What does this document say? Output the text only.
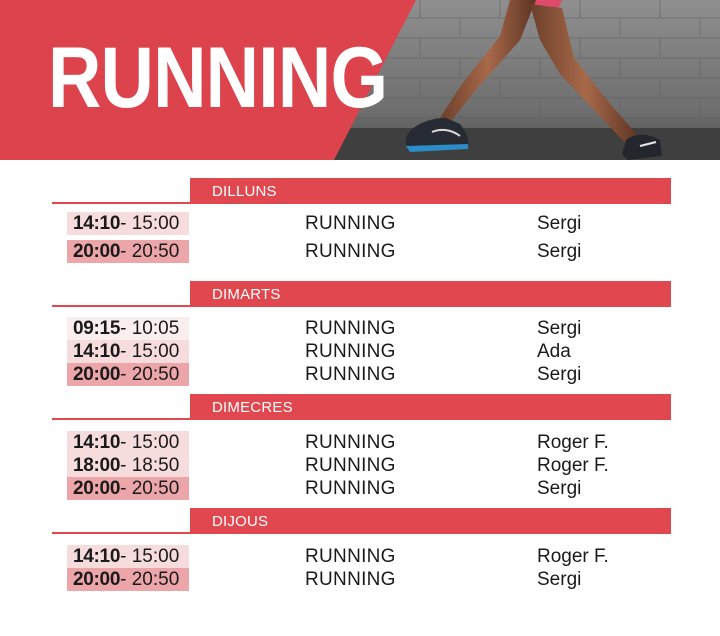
RUNNING
DILLUNS
14:10- 15:00	RUNNING	Sergi
20:00- 20:50	RUNNING	Sergi
DIMARTS
09:15- 10:05	RUNNING	Sergi
14:10- 15:00	RUNNING	Ada
20:00- 20:50	RUNNING	Sergi
DIMECRES
14:10- 15:00	RUNNING	Roger F.
18:00- 18:50	RUNNING	Roger F.
20:00- 20:50	RUNNING	Sergi
DIJOUS
14:10- 15:00	RUNNING	Roger F.
20:00- 20:50	RUNNING	Sergi
